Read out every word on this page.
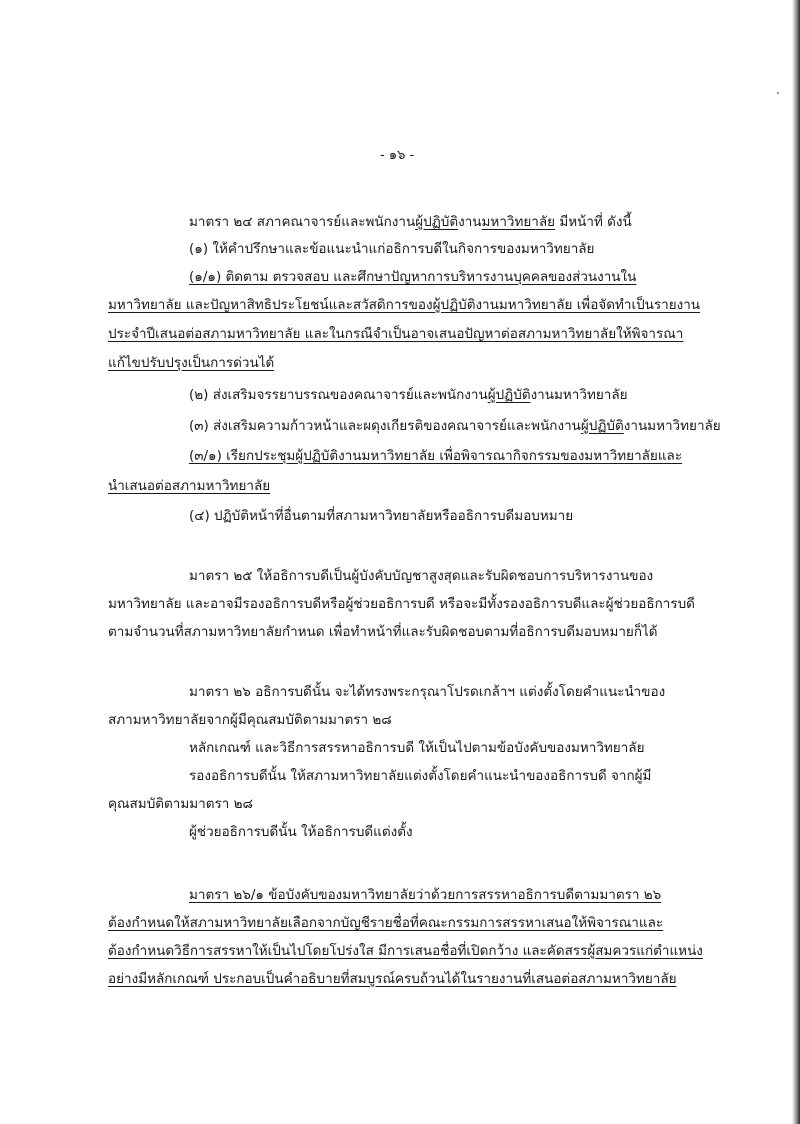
- ๑๖ -
มาตรา ๒๔ สภาคณาจารย์และพนักงานผู้ปฏิบัติงานมหาวิทยาลัย มีหน้าที่ ดังนี้
(๑) ให้คำปรึกษาและข้อแนะนำแก่อธิการบดีในกิจการของมหาวิทยาลัย
(๑/๑) ติดตาม ตรวจสอบ และศึกษาปัญหาการบริหารงานบุคคลของส่วนงานใน
มหาวิทยาลัย และปัญหาสิทธิประโยชน์และสวัสดิการของผู้ปฏิบัติงานมหาวิทยาลัย เพื่อจัดทำเป็นรายงาน
ประจำปีเสนอต่อสภามหาวิทยาลัย และในกรณีจำเป็นอาจเสนอปัญหาต่อสภามหาวิทยาลัยให้พิจารณา
แก้ไขปรับปรุงเป็นการด่วนได้
(๒) ส่งเสริมจรรยาบรรณของคณาจารย์และพนักงานผู้ปฏิบัติงานมหาวิทยาลัย
(๓) ส่งเสริมความก้าวหน้าและผดุงเกียรติของคณาจารย์และพนักงานผู้ปฏิบัติงานมหาวิทยาลัย
(๓/๑) เรียกประชุมผู้ปฏิบัติงานมหาวิทยาลัย เพื่อพิจารณากิจกรรมของมหาวิทยาลัยและ
นำเสนอต่อสภามหาวิทยาลัย
(๔) ปฏิบัติหน้าที่อื่นตามที่สภามหาวิทยาลัยหรืออธิการบดีมอบหมาย
มาตรา ๒๕ ให้อธิการบดีเป็นผู้บังคับบัญชาสูงสุดและรับผิดชอบการบริหารงานของ
มหาวิทยาลัย และอาจมีรองอธิการบดีหรือผู้ช่วยอธิการบดี หรือจะมีทั้งรองอธิการบดีและผู้ช่วยอธิการบดี
ตามจำนวนที่สภามหาวิทยาลัยกำหนด เพื่อทำหน้าที่และรับผิดชอบตามที่อธิการบดีมอบหมายก็ได้
มาตรา ๒๖ อธิการบดีนั้น จะได้ทรงพระกรุณาโปรดเกล้าฯ แต่งตั้งโดยคำแนะนำของ
สภามหาวิทยาลัยจากผู้มีคุณสมบัติตามมาตรา ๒๘
หลักเกณฑ์ และวิธีการสรรหาอธิการบดี ให้เป็นไปตามข้อบังคับของมหาวิทยาลัย
รองอธิการบดีนั้น ให้สภามหาวิทยาลัยแต่งตั้งโดยคำแนะนำของอธิการบดี จากผู้มี
คุณสมบัติตามมาตรา ๒๘
ผู้ช่วยอธิการบดีนั้น ให้อธิการบดีแต่งตั้ง
มาตรา ๒๖/๑ ข้อบังคับของมหาวิทยาลัยว่าด้วยการสรรหาอธิการบดีตามมาตรา ๒๖
ต้องกำหนดให้สภามหาวิทยาลัยเลือกจากบัญชีรายชื่อที่คณะกรรมการสรรหาเสนอให้พิจารณาและ
ต้องกำหนดวิธีการสรรหาให้เป็นไปโดยโปร่งใส มีการเสนอชื่อที่เปิดกว้าง และคัดสรรผู้สมควรแก่ตำแหน่ง
อย่างมีหลักเกณฑ์ ประกอบเป็นคำอธิบายที่สมบูรณ์ครบถ้วนได้ในรายงานที่เสนอต่อสภามหาวิทยาลัย
